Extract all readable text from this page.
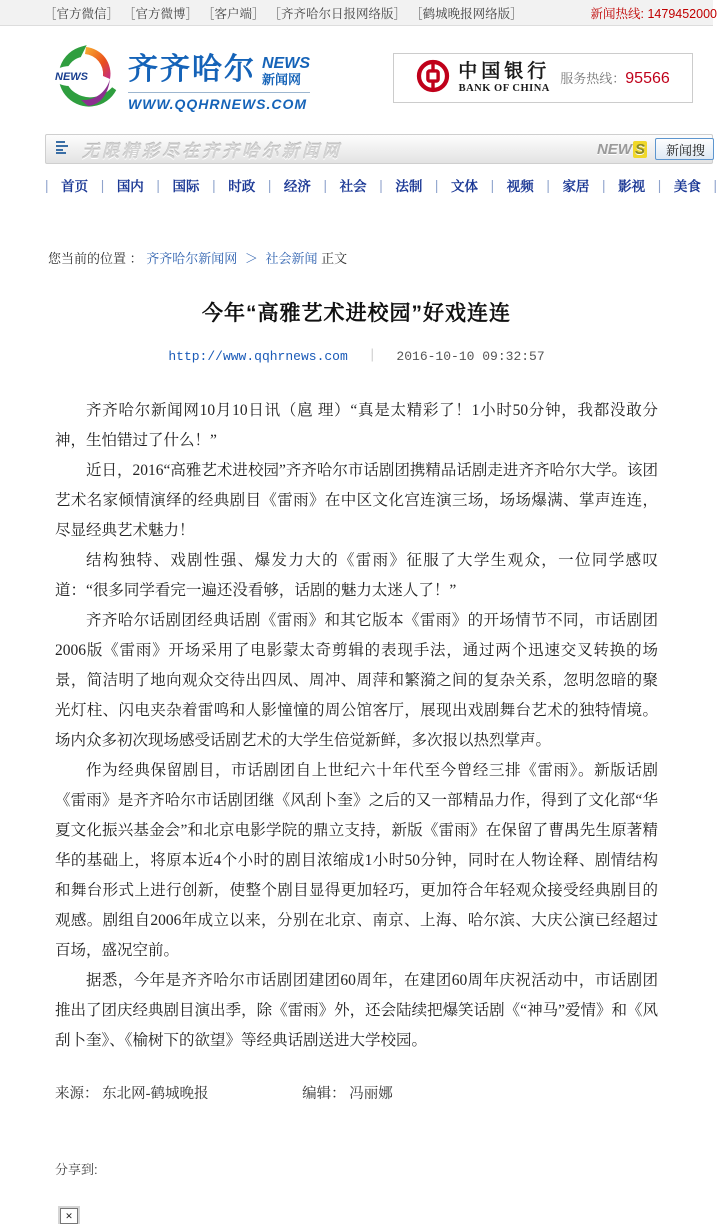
［官方微信］ ［官方微博］ ［客户端］ ［齐齐哈尔日报网络版］ ［鹤城晚报网络版］	新闻热线: 1479452000
NEWS 齐齐哈尔 NEWS
新闻网
WWW.QQHRNEWS.COM
中国银行
BANK OF CHINA
服务热线：95566
无限精彩尽在齐齐哈尔新闻网	NEW S	新闻搜
| 首页 | 国内 | 国际 | 时政 | 经济 | 社会 | 法制 | 文体 | 视频 | 家居 | 影视 | 美食 |
您当前的位置 ： 齐齐哈尔新闻网 ＞ 社会新闻 正文
今年“高雅艺术进校园”好戏连连
http://www.qqhrnews.com ｜ 2016-10-10 09:32:57

齐齐哈尔新闻网10月10日讯（扈 理）“真是太精彩了！1小时50分钟，我都没敢分神，生怕错过了什么！”

近日，2016“高雅艺术进校园”齐齐哈尔市话剧团携精品话剧走进齐齐哈尔大学。该团艺术名家倾情演绎的经典剧目《雷雨》在中区文化宫连演三场，场场爆满、掌声连连，尽显经典艺术魅力！

结构独特、戏剧性强、爆发力大的《雷雨》征服了大学生观众，一位同学感叹道：“很多同学看完一遍还没看够，话剧的魅力太迷人了！”

齐齐哈尔话剧团经典话剧《雷雨》和其它版本《雷雨》的开场情节不同，市话剧团2006版《雷雨》开场采用了电影蒙太奇剪辑的表现手法，通过两个迅速交叉转换的场景，简洁明了地向观众交待出四凤、周冲、周萍和繁漪之间的复杂关系，忽明忽暗的聚光灯柱、闪电夹杂着雷鸣和人影憧憧的周公馆客厅，展现出戏剧舞台艺术的独特情境。场内众多初次现场感受话剧艺术的大学生倍觉新鲜，多次报以热烈掌声。

作为经典保留剧目，市话剧团自上世纪六十年代至今曾经三排《雷雨》。新版话剧《雷雨》是齐齐哈尔市话剧团继《风刮卜奎》之后的又一部精品力作，得到了文化部“华夏文化振兴基金会”和北京电影学院的鼎立支持，新版《雷雨》在保留了曹禺先生原著精华的基础上，将原本近4个小时的剧目浓缩成1小时50分钟，同时在人物诠释、剧情结构和舞台形式上进行创新，使整个剧目显得更加轻巧，更加符合年轻观众接受经典剧目的观感。剧组自2006年成立以来，分别在北京、南京、上海、哈尔滨、大庆公演已经超过百场，盛况空前。

据悉，今年是齐齐哈尔市话剧团建团60周年，在建团60周年庆祝活动中，市话剧团推出了团庆经典剧目演出季，除《雷雨》外，还会陆续把爆笑话剧《“神马”爱情》和《风刮卜奎》、《榆树下的欲望》等经典话剧送进大学校园。

来源： 东北网-鹤城晚报	编辑： 冯丽娜
分享到:
✕
